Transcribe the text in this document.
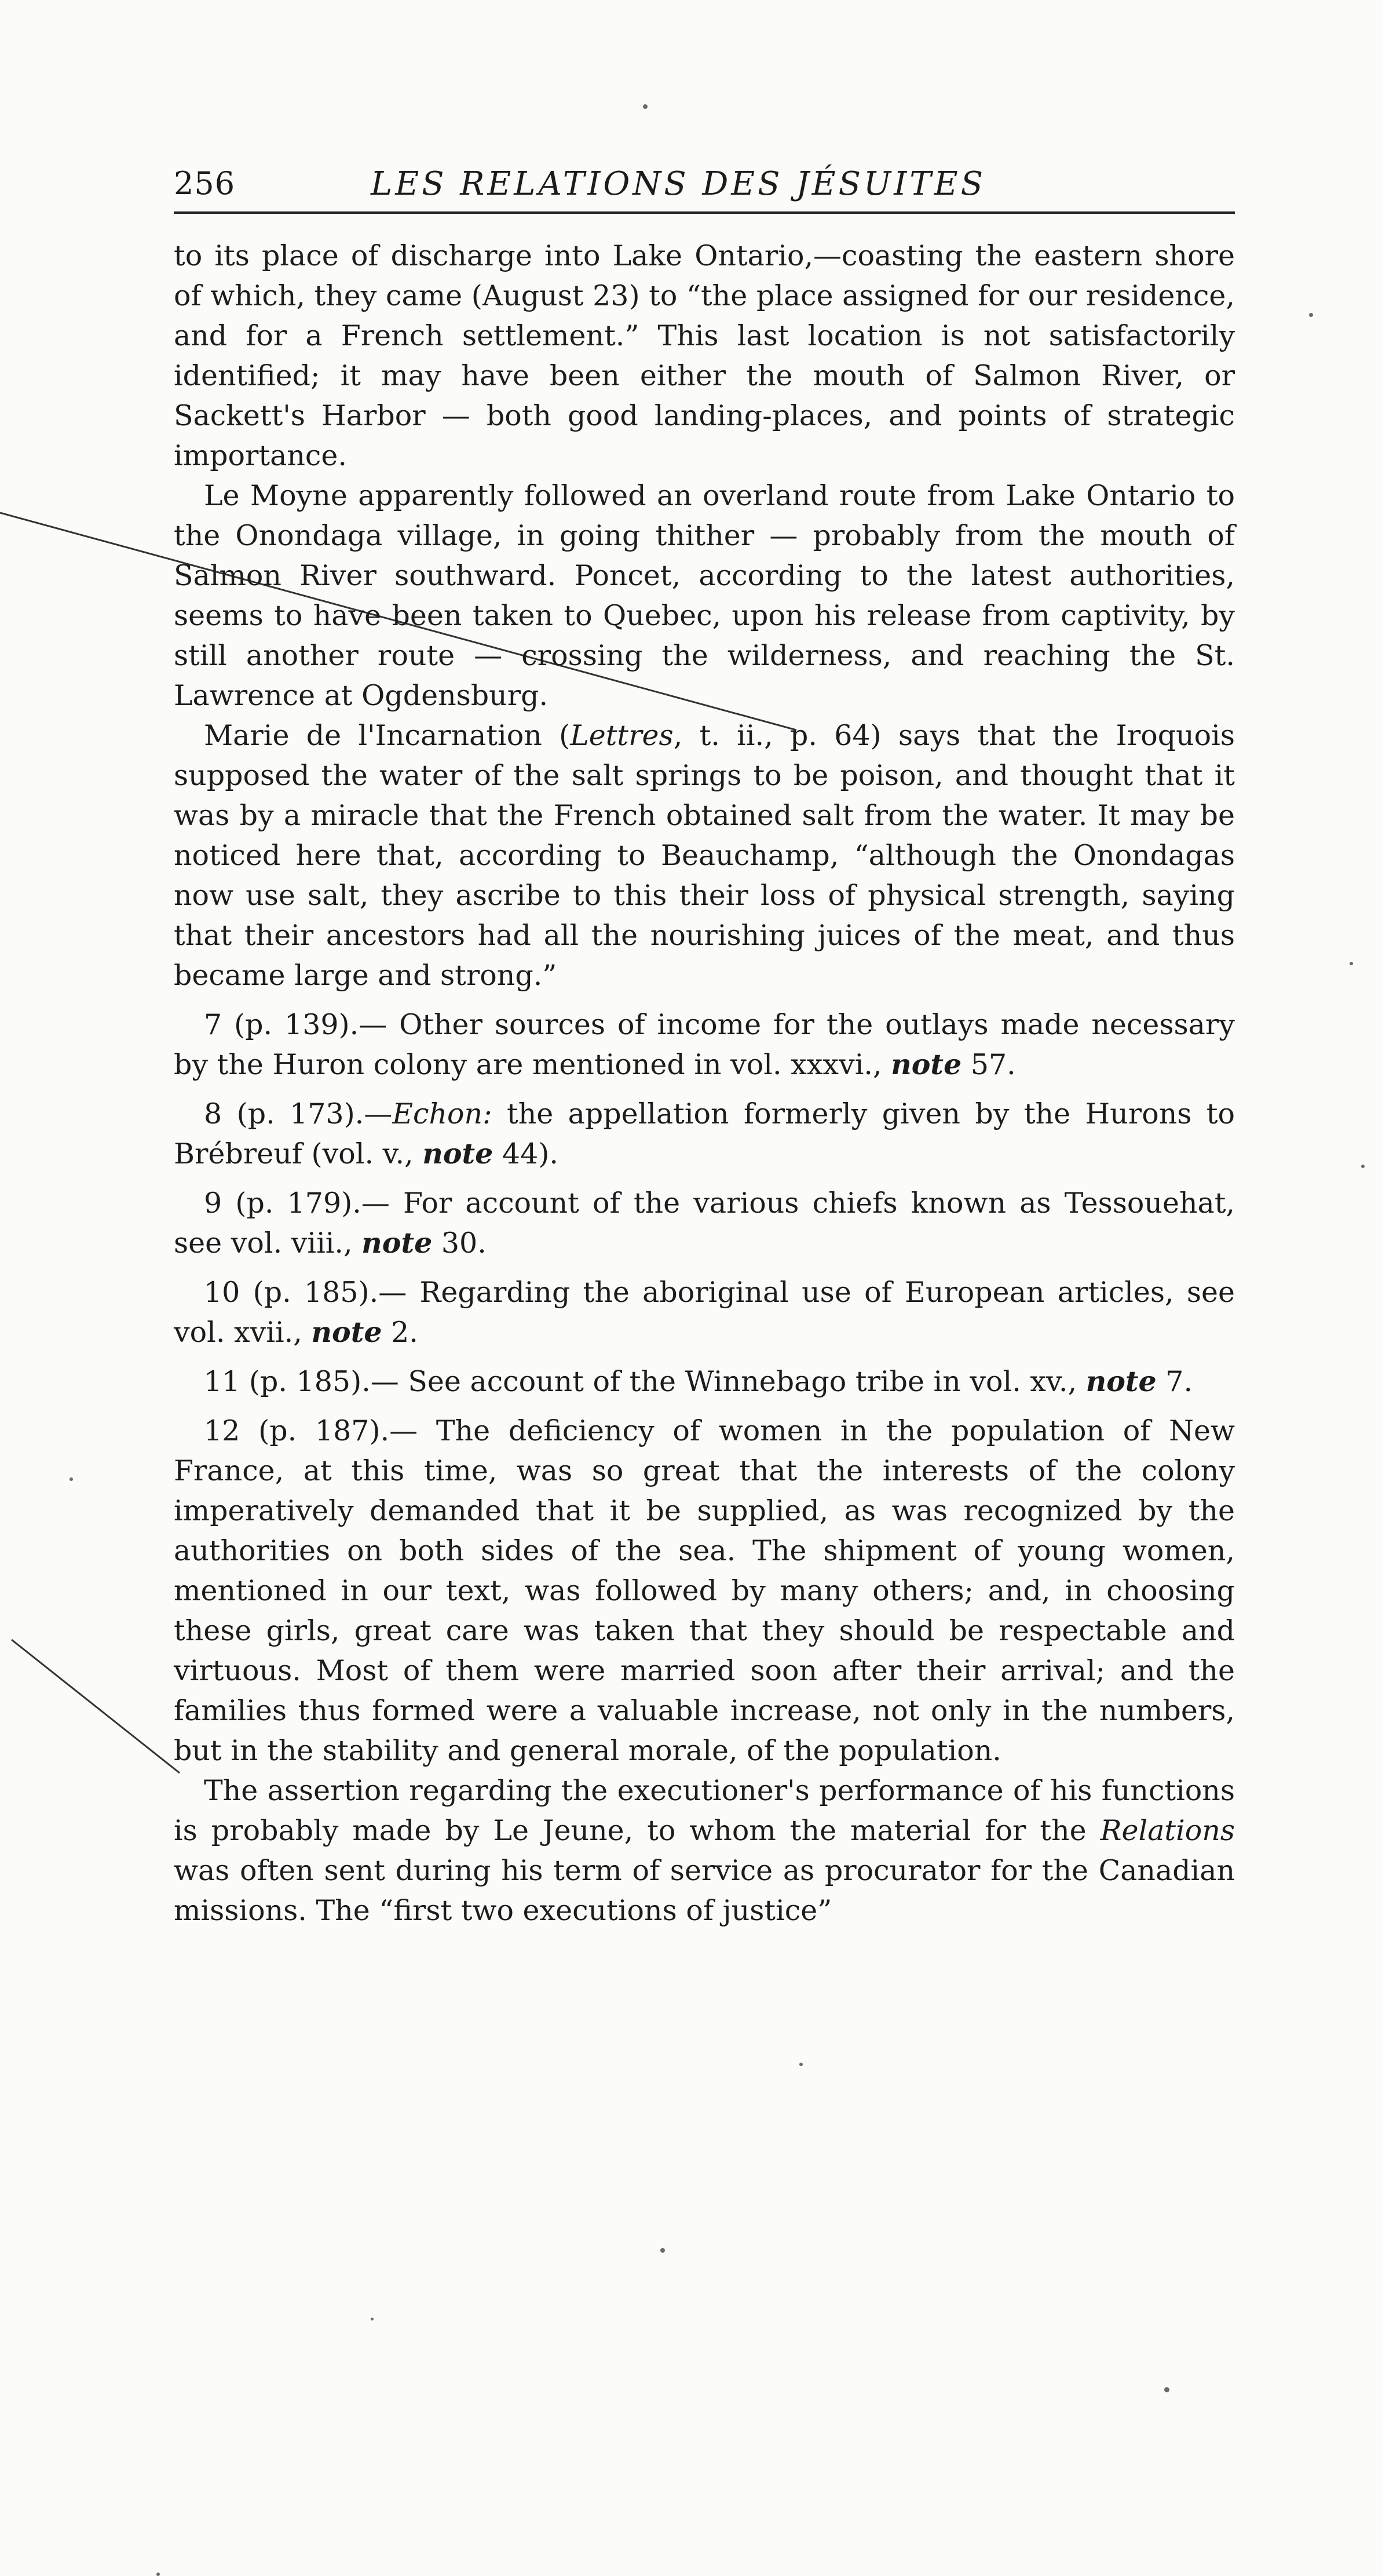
256	LES RELATIONS DES JÉSUITES

to its place of discharge into Lake Ontario,—coasting the eastern shore of which, they came (August 23) to “the place assigned for our residence, and for a French settlement.” This last location is not satisfactorily identified; it may have been either the mouth of Salmon River, or Sackett's Harbor — both good landing-places, and points of strategic importance.

Le Moyne apparently followed an overland route from Lake Ontario to the Onondaga village, in going thither — probably from the mouth of Salmon River southward. Poncet, according to the latest authorities, seems to have been taken to Quebec, upon his release from captivity, by still another route — crossing the wilderness, and reaching the St. Lawrence at Ogdensburg.

Marie de l'Incarnation (Lettres, t. ii., p. 64) says that the Iroquois supposed the water of the salt springs to be poison, and thought that it was by a miracle that the French obtained salt from the water. It may be noticed here that, according to Beauchamp, “although the Onondagas now use salt, they ascribe to this their loss of physical strength, saying that their ancestors had all the nourishing juices of the meat, and thus became large and strong.”

7 (p. 139).— Other sources of income for the outlays made necessary by the Huron colony are mentioned in vol. xxxvi., note 57.

8 (p. 173).—Echon: the appellation formerly given by the Hurons to Brébreuf (vol. v., note 44).

9 (p. 179).— For account of the various chiefs known as Tessouehat, see vol. viii., note 30.

10 (p. 185).— Regarding the aboriginal use of European articles, see vol. xvii., note 2.

11 (p. 185).— See account of the Winnebago tribe in vol. xv., note 7.

12 (p. 187).— The deficiency of women in the population of New France, at this time, was so great that the interests of the colony imperatively demanded that it be supplied, as was recognized by the authorities on both sides of the sea. The shipment of young women, mentioned in our text, was followed by many others; and, in choosing these girls, great care was taken that they should be respectable and virtuous. Most of them were married soon after their arrival; and the families thus formed were a valuable increase, not only in the numbers, but in the stability and general morale, of the population.

The assertion regarding the executioner's performance of his functions is probably made by Le Jeune, to whom the material for the Relations was often sent during his term of service as procurator for the Canadian missions. The “first two executions of justice”
